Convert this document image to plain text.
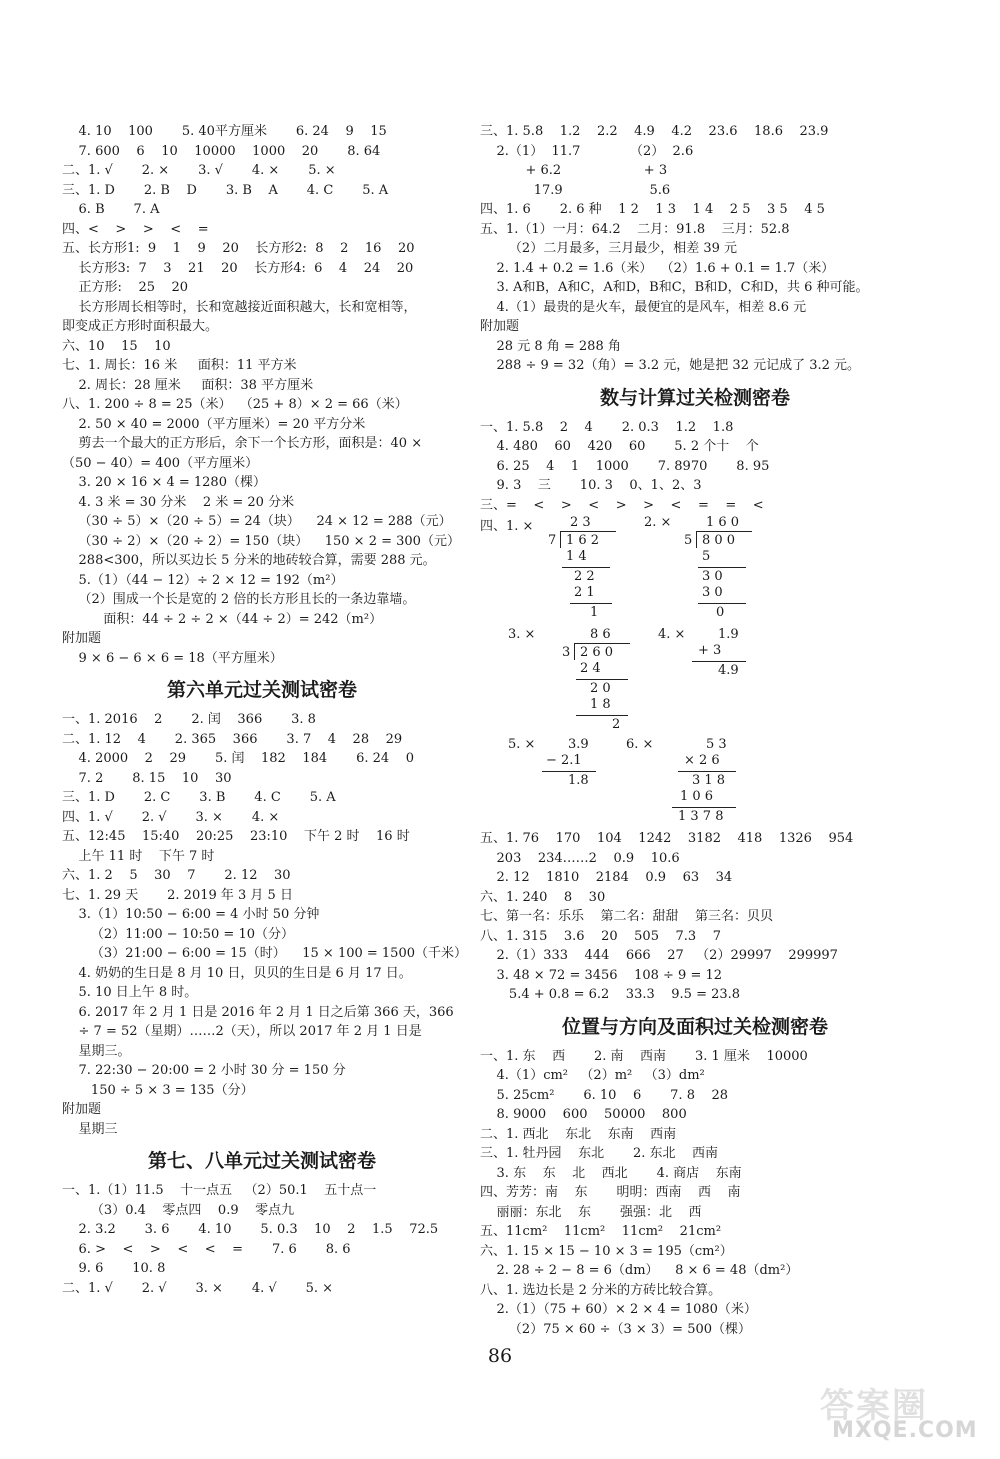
4. 10    100       5. 40平方厘米       6. 24    9    15
7. 600    6    10    10000    1000    20       8. 64
二、1. √       2. ×       3. √       4. ×       5. ×
三、1. D       2. B    D       3. B    A       4. C       5. A
6. B       7. A
四、<    >    >    <    =
五、长方形1:  9    1    9    20    长方形2:  8    2    16    20
长方形3:  7    3    21    20    长方形4:  6    4    24    20
正方形:    25    20
长方形周长相等时，长和宽越接近面积越大，长和宽相等，
即变成正方形时面积最大。
六、10    15    10
七、1. 周长：16 米     面积：11 平方米
2. 周长：28 厘米     面积：38 平方厘米
八、1. 200 ÷ 8 = 25（米）  （25 + 8）× 2 = 66（米）
2. 50 × 40 = 2000（平方厘米）= 20 平方分米
剪去一个最大的正方形后，余下一个长方形，面积是：40 ×
（50 − 40）= 400（平方厘米）
3. 20 × 16 × 4 = 1280（棵）
4. 3 米 = 30 分米    2 米 = 20 分米
（30 ÷ 5）×（20 ÷ 5）= 24（块）    24 × 12 = 288（元）
（30 ÷ 2）×（20 ÷ 2）= 150（块）    150 × 2 = 300（元）
288<300，所以买边长 5 分米的地砖较合算，需要 288 元。
5.（1）（44 − 12）÷ 2 × 12 = 192（m²）
（2）围成一个长是宽的 2 倍的长方形且长的一条边靠墙。
面积：44 ÷ 2 ÷ 2 ×（44 ÷ 2）= 242（m²）
附加题
9 × 6 − 6 × 6 = 18（平方厘米）
第六单元过关测试密卷
一、1. 2016    2       2. 闰    366       3. 8
二、1. 12    4       2. 365    366       3. 7    4    28    29
4. 2000    2    29       5. 闰    182    184       6. 24    0
7. 2       8. 15    10    30
三、1. D       2. C       3. B       4. C       5. A
四、1. √       2. √       3. ×       4. ×
五、12:45    15:40    20:25    23:10    下午 2 时    16 时
上午 11 时    下午 7 时
六、1. 2    5    30    7       2. 12    30
七、1. 29 天       2. 2019 年 3 月 5 日
3.（1）10:50 − 6:00 = 4 小时 50 分钟
（2）11:00 − 10:50 = 10（分）
（3）21:00 − 6:00 = 15（时）    15 × 100 = 1500（千米）
4. 奶奶的生日是 8 月 10 日，贝贝的生日是 6 月 17 日。
5. 10 日上午 8 时。
6. 2017 年 2 月 1 日是 2016 年 2 月 1 日之后第 366 天，366
÷ 7 = 52（星期）……2（天），所以 2017 年 2 月 1 日是
星期三。
7. 22:30 − 20:00 = 2 小时 30 分 = 150 分
150 ÷ 5 × 3 = 135（分）
附加题
星期三
第七、八单元过关测试密卷
一、1.（1）11.5    十一点五   （2）50.1    五十点一
（3）0.4    零点四    0.9    零点九
2. 3.2       3. 6       4. 10       5. 0.3    10    2    1.5    72.5
6. >    <    >    <    <    =       7. 6       8. 6
9. 6       10. 8
二、1. √       2. √       3. ×       4. √       5. ×
三、1. 5.8    1.2    2.2    4.9    4.2    23.6    18.6    23.9
2.（1）  11.7            （2）  2.6
+ 6.2                    + 3
17.9                     5.6
四、1. 6       2. 6 种    1 2    1 3    1 4    2 5    3 5    4 5
五、1.（1）一月：64.2    二月：91.8    三月：52.8
（2）二月最多，三月最少，相差 39 元
2. 1.4 + 0.2 = 1.6（米）  （2）1.6 + 0.1 = 1.7（米）
3. A和B，A和C，A和D，B和C，B和D，C和D，共 6 种可能。
4.（1）最贵的是火车，最便宜的是风车，相差 8.6 元
附加题
28 元 8 角 = 288 角
288 ÷ 9 = 32（角）= 3.2 元，她是把 32 元记成了 3.2 元。
数与计算过关检测密卷
一、1. 5.8    2    4       2. 0.3    1.2    1.8
4. 480    60    420    60       5. 2 个十    个
6. 25    4    1    1000       7. 8970       8. 95
9. 3    三       10. 3    0、1、2、3
三、=    <    >    <    >    >    <    =    =    <
四、1. ×	2 3
7 1 6 2
1 4
2 2
2 1
1
2. ×	1 6 0
5 8 0 0
5
3 0
3 0
0
3. ×	8 6
3 2 6 0
2 4
2 0
1 8
2
4. ×	1.9
+ 3
4.9
5. ×	3.9
− 2.1
1.8
6. ×	5 3
× 2 6
3 1 8
1 0 6
1 3 7 8
五、1. 76    170    104    1242    3182    418    1326    954
203    234……2    0.9    10.6
2. 12    1810    2184    0.9    63    34
六、1. 240    8    30
七、第一名：乐乐    第二名：甜甜    第三名：贝贝
八、1. 315    3.6    20    505    7.3    7
2.（1）333    444    666    27   （2）29997    299997
3. 48 × 72 = 3456    108 ÷ 9 = 12
5.4 + 0.8 = 6.2    33.3    9.5 = 23.8
位置与方向及面积过关检测密卷
一、1. 东    西       2. 南    西南       3. 1 厘米    10000
4.（1）cm²   （2）m²   （3）dm²
5. 25cm²       6. 10    6       7. 8    28
8. 9000    600    50000    800
二、1. 西北    东北    东南    西南
三、1. 牡丹园    东北       2. 东北    西南
3. 东    东    北    西北       4. 商店    东南
四、芳芳：南    东       明明：西南    西    南
丽丽：东北    东       强强：北    西
五、11cm²    11cm²    11cm²    21cm²
六、1. 15 × 15 − 10 × 3 = 195（cm²）
2. 28 ÷ 2 − 8 = 6（dm）    8 × 6 = 48（dm²）
八、1. 选边长是 2 分米的方砖比较合算。
2.（1）（75 + 60）× 2 × 4 = 1080（米）
（2）75 × 60 ÷（3 × 3）= 500（棵）
86
答案圈
MXQE.COM
